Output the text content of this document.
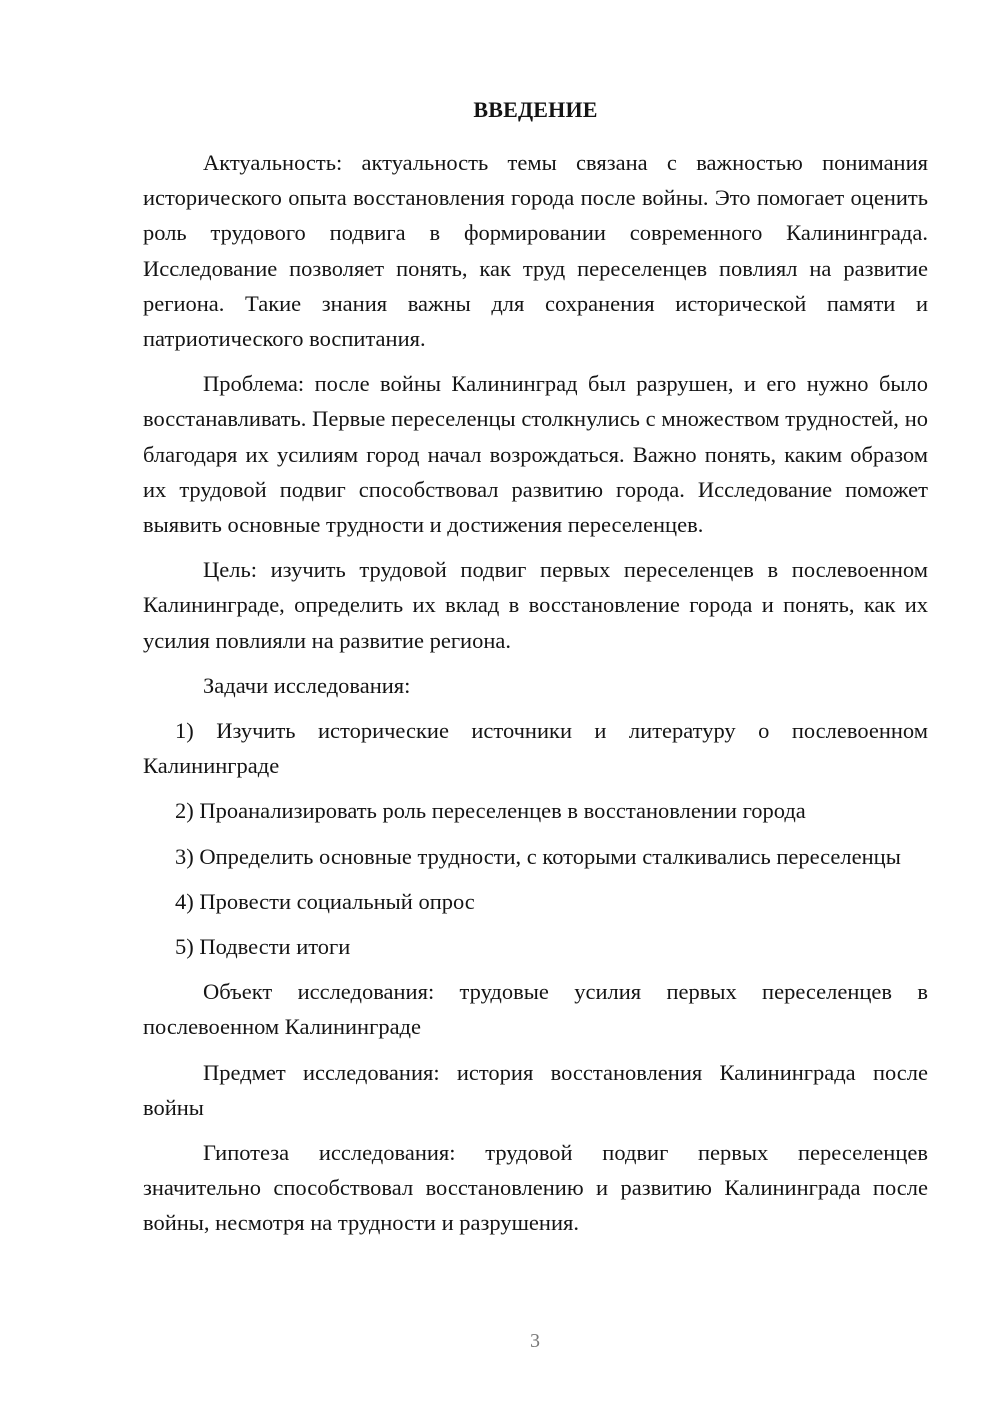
ВВЕДЕНИЕ

Актуальность: актуальность темы связана с важностью понимания исторического опыта восстановления города после войны. Это помогает оценить роль трудового подвига в формировании современного Калининграда. Исследование позволяет понять, как труд переселенцев повлиял на развитие региона. Такие знания важны для сохранения исторической памяти и патриотического воспитания.

Проблема: после войны Калининград был разрушен, и его нужно было восстанавливать. Первые переселенцы столкнулись с множеством трудностей, но благодаря их усилиям город начал возрождаться. Важно понять, каким образом их трудовой подвиг способствовал развитию города. Исследование поможет выявить основные трудности и достижения переселенцев.

Цель: изучить трудовой подвиг первых переселенцев в послевоенном Калининграде, определить их вклад в восстановление города и понять, как их усилия повлияли на развитие региона.

Задачи исследования:

1) Изучить исторические источники и литературу о послевоенном Калининграде

2) Проанализировать роль переселенцев в восстановлении города

3) Определить основные трудности, с которыми сталкивались переселенцы

4) Провести социальный опрос

5) Подвести итоги

Объект исследования: трудовые усилия первых переселенцев в послевоенном Калининграде

Предмет исследования: история восстановления Калининграда после войны

Гипотеза исследования: трудовой подвиг первых переселенцев значительно способствовал восстановлению и развитию Калининграда после войны, несмотря на трудности и разрушения.

3
